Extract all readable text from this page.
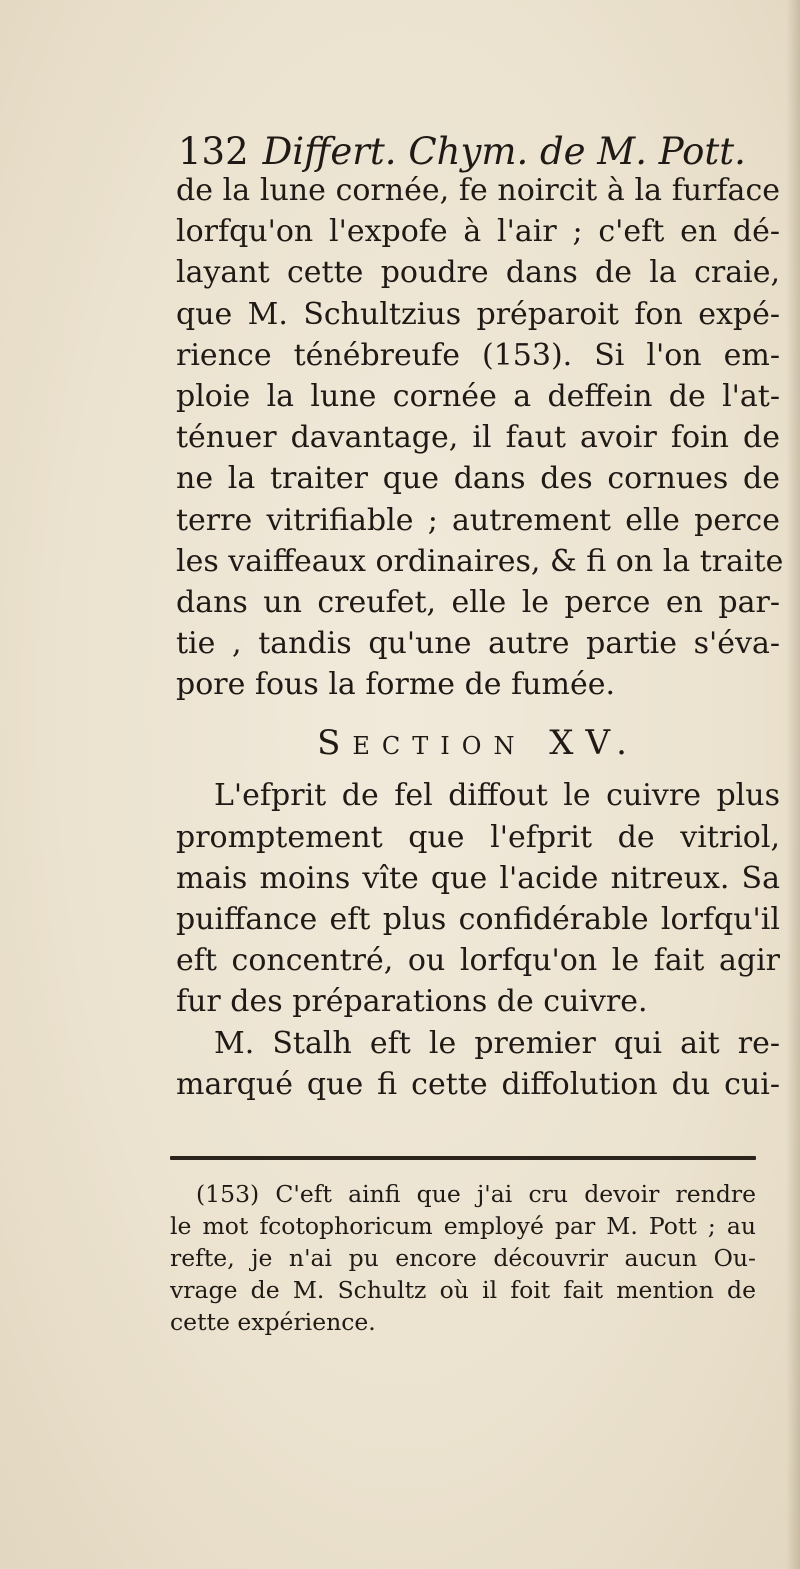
132 Differt. Chym. de M. Pott.
de la lune cornée, fe noircit à la furface
lorfqu'on l'expofe à l'air ; c'eft en dé-
layant cette poudre dans de la craie,
que M. Schultzius préparoit fon expé-
rience ténébreufe (153). Si l'on em-
ploie la lune cornée a deffein de l'at-
ténuer davantage, il faut avoir foin de
ne la traiter que dans des cornues de
terre vitrifiable ; autrement elle perce
les vaiffeaux ordinaires, & fi on la traite
dans un creufet, elle le perce en par-
tie , tandis qu'une autre partie s'éva-
pore fous la forme de fumée.
Section XV.
L'efprit de fel diffout le cuivre plus
promptement que l'efprit de vitriol,
mais moins vîte que l'acide nitreux. Sa
puiffance eft plus confidérable lorfqu'il
eft concentré, ou lorfqu'on le fait agir
fur des préparations de cuivre.
M. Stalh eft le premier qui ait re-
marqué que fi cette diffolution du cui-
(153) C'eft ainfi que j'ai cru devoir rendre
le mot fcotophoricum employé par M. Pott ; au
refte, je n'ai pu encore découvrir aucun Ou-
vrage de M. Schultz où il foit fait mention de
cette expérience.
